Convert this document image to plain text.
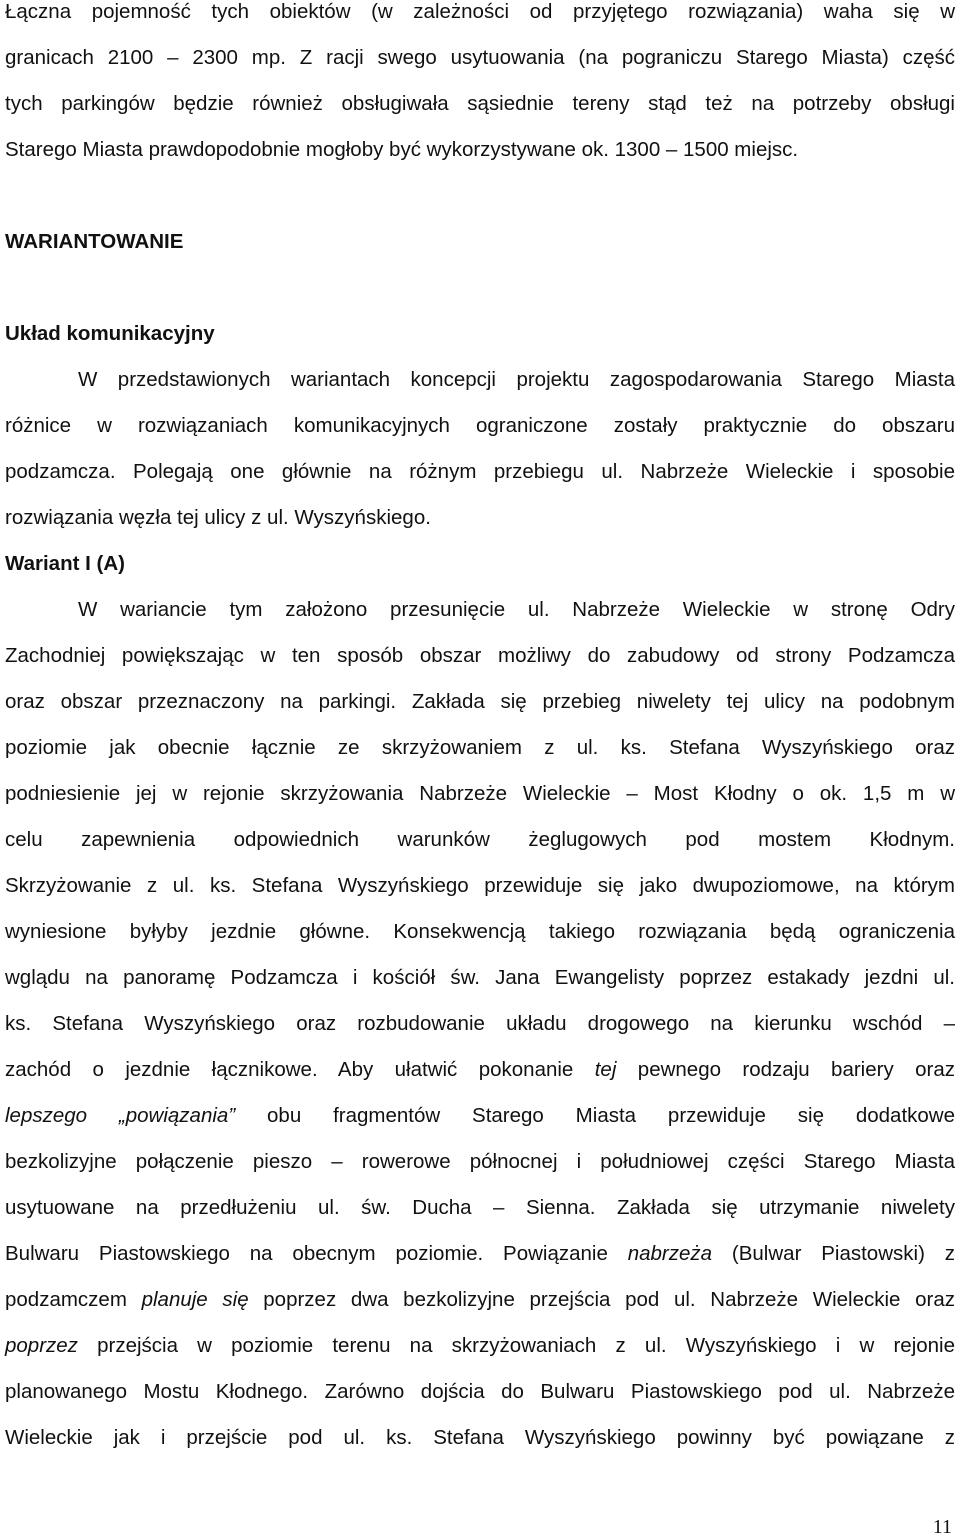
Łączna pojemność tych obiektów (w zależności od przyjętego rozwiązania) waha się w
granicach 2100 – 2300 mp. Z racji swego usytuowania (na pograniczu Starego Miasta) część
tych parkingów będzie również obsługiwała sąsiednie tereny stąd też na potrzeby obsługi
Starego Miasta prawdopodobnie mogłoby być wykorzystywane ok. 1300 – 1500 miejsc.
WARIANTOWANIE
Układ komunikacyjny
W przedstawionych wariantach koncepcji projektu zagospodarowania Starego Miasta
różnice w rozwiązaniach komunikacyjnych ograniczone zostały praktycznie do obszaru
podzamcza. Polegają one głównie na różnym przebiegu ul. Nabrzeże Wieleckie i sposobie
rozwiązania węzła tej ulicy z ul. Wyszyńskiego.
Wariant I (A)
W wariancie tym założono przesunięcie ul. Nabrzeże Wieleckie w stronę Odry
Zachodniej powiększając w ten sposób obszar możliwy do zabudowy od strony Podzamcza
oraz obszar przeznaczony na parkingi. Zakłada się przebieg niwelety tej ulicy na podobnym
poziomie jak obecnie łącznie ze skrzyżowaniem z ul. ks. Stefana Wyszyńskiego oraz
podniesienie jej w rejonie skrzyżowania Nabrzeże Wieleckie – Most Kłodny o ok. 1,5 m w
celu zapewnienia odpowiednich warunków żeglugowych pod mostem Kłodnym.
Skrzyżowanie z ul. ks. Stefana Wyszyńskiego przewiduje się jako dwupoziomowe, na którym
wyniesione byłyby jezdnie główne. Konsekwencją takiego rozwiązania będą ograniczenia
wglądu na panoramę Podzamcza i kościół św. Jana Ewangelisty poprzez estakady jezdni ul.
ks. Stefana Wyszyńskiego oraz rozbudowanie układu drogowego na kierunku wschód –
zachód o jezdnie łącznikowe. Aby ułatwić pokonanie tej pewnego rodzaju bariery oraz
lepszego „powiązania” obu fragmentów Starego Miasta przewiduje się dodatkowe
bezkolizyjne połączenie pieszo – rowerowe północnej i południowej części Starego Miasta
usytuowane na przedłużeniu ul. św. Ducha – Sienna. Zakłada się utrzymanie niwelety
Bulwaru Piastowskiego na obecnym poziomie. Powiązanie nabrzeża (Bulwar Piastowski) z
podzamczem planuje się poprzez dwa bezkolizyjne przejścia pod ul. Nabrzeże Wieleckie oraz
poprzez przejścia w poziomie terenu na skrzyżowaniach z ul. Wyszyńskiego i w rejonie
planowanego Mostu Kłodnego. Zarówno dojścia do Bulwaru Piastowskiego pod ul. Nabrzeże
Wieleckie jak i przejście pod ul. ks. Stefana Wyszyńskiego powinny być powiązane z
11
